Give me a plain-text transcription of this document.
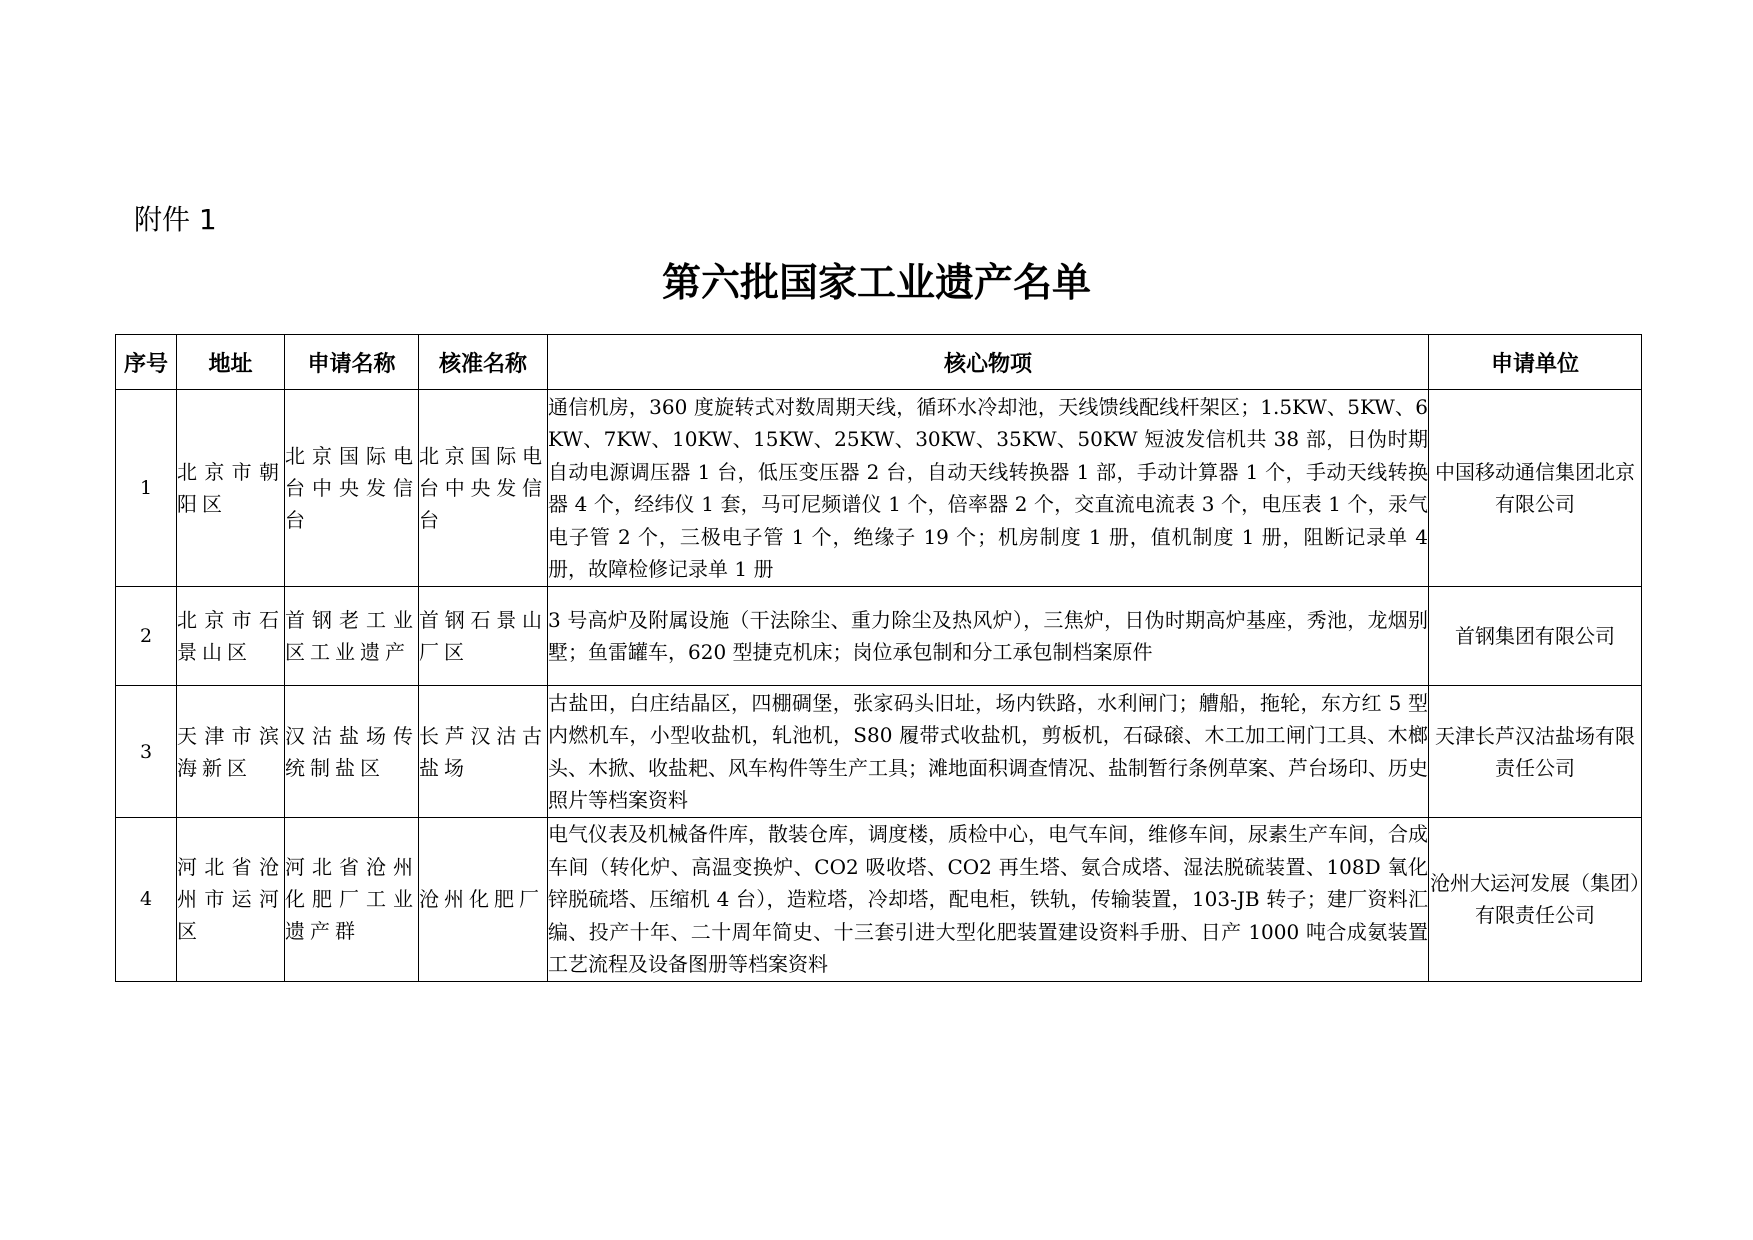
附件 1

第六批国家工业遗产名单
序号	地址	申请名称	核准名称	核心物项	申请单位
1	北京市朝阳区	北京国际电台中央发信台	北京国际电台中央发信台	通信机房，360 度旋转式对数周期天线，循环水冷却池，天线馈线配线杆架区；1.5KW、5KW、6KW、7KW、10KW、15KW、25KW、30KW、35KW、50KW 短波发信机共 38 部，日伪时期自动电源调压器 1 台，低压变压器 2 台，自动天线转换器 1 部，手动计算器 1 个，手动天线转换器 4 个，经纬仪 1 套，马可尼频谱仪 1 个，倍率器 2 个，交直流电流表 3 个，电压表 1 个，汞气电子管 2 个，三极电子管 1 个，绝缘子 19 个；机房制度 1 册，值机制度 1 册，阻断记录单 4 册，故障检修记录单 1 册	中国移动通信集团北京有限公司
2	北京市石景山区	首钢老工业区工业遗产	首钢石景山厂区	3 号高炉及附属设施（干法除尘、重力除尘及热风炉），三焦炉，日伪时期高炉基座，秀池，龙烟别墅；鱼雷罐车，620 型捷克机床；岗位承包制和分工承包制档案原件	首钢集团有限公司
3	天津市滨海新区	汉沽盐场传统制盐区	长芦汉沽古盐场	古盐田，白庄结晶区，四棚碉堡，张家码头旧址，场内铁路，水利闸门；艚船，拖轮，东方红 5 型内燃机车，小型收盐机，轧池机，S80 履带式收盐机，剪板机，石碌磙、木工加工闸门工具、木榔头、木掀、收盐耙、风车构件等生产工具；滩地面积调查情况、盐制暂行条例草案、芦台场印、历史照片等档案资料	天津长芦汉沽盐场有限责任公司
4	河北省沧州市运河区	河北省沧州化肥厂工业遗产群	沧州化肥厂	电气仪表及机械备件库，散装仓库，调度楼，质检中心，电气车间，维修车间，尿素生产车间，合成车间（转化炉、高温变换炉、CO2 吸收塔、CO2 再生塔、氨合成塔、湿法脱硫装置、108D 氧化锌脱硫塔、压缩机 4 台），造粒塔，冷却塔，配电柜，铁轨，传输装置，103-JB 转子；建厂资料汇编、投产十年、二十周年简史、十三套引进大型化肥装置建设资料手册、日产 1000 吨合成氨装置工艺流程及设备图册等档案资料	沧州大运河发展（集团）有限责任公司
